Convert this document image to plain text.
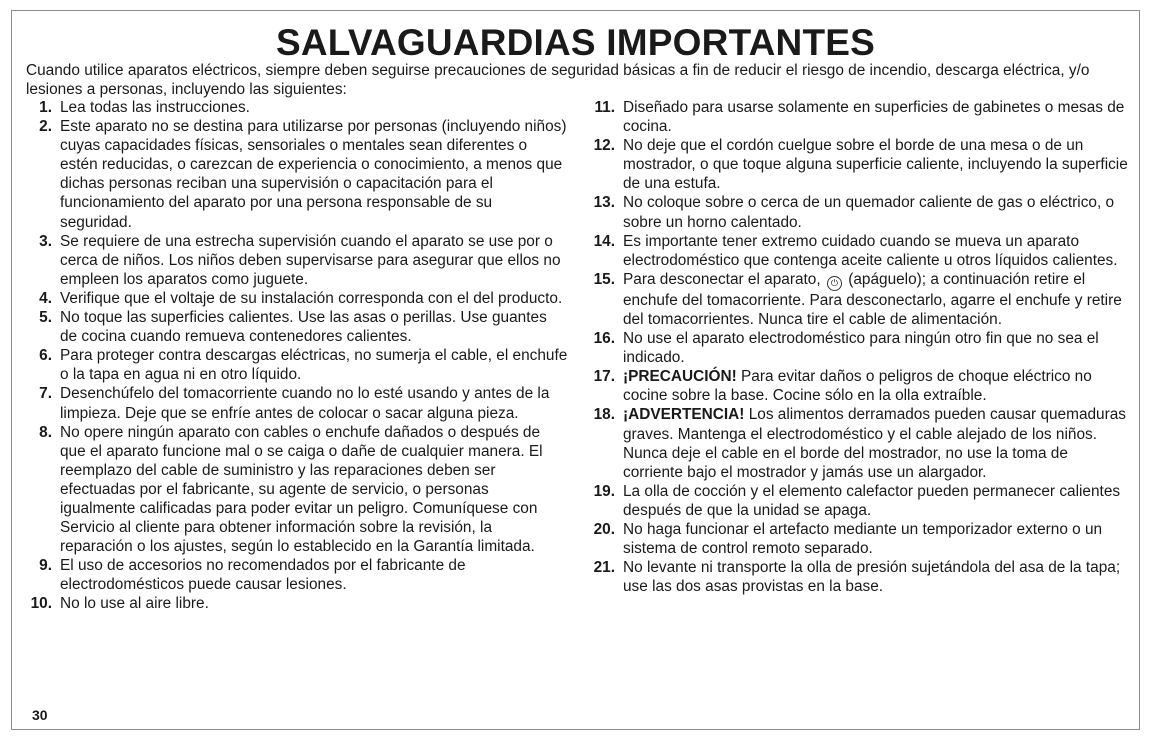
SALVAGUARDIAS IMPORTANTES

Cuando utilice aparatos eléctricos, siempre deben seguirse precauciones de seguridad básicas a fin de reducir el riesgo de incendio, descarga eléctrica, y/o lesiones a personas, incluyendo las siguientes:

1. Lea todas las instrucciones.
2. Este aparato no se destina para utilizarse por personas (incluyendo niños) cuyas capacidades físicas, sensoriales o mentales sean diferentes o estén reducidas, o carezcan de experiencia o conocimiento, a menos que dichas personas reciban una supervisión o capacitación para el funcionamiento del aparato por una persona responsable de su seguridad.
3. Se requiere de una estrecha supervisión cuando el aparato se use por o cerca de niños. Los niños deben supervisarse para asegurar que ellos no empleen los aparatos como juguete.
4. Verifique que el voltaje de su instalación corresponda con el del producto.
5. No toque las superficies calientes. Use las asas o perillas. Use guantes de cocina cuando remueva contenedores calientes.
6. Para proteger contra descargas eléctricas, no sumerja el cable, el enchufe o la tapa en agua ni en otro líquido.
7. Desenchúfelo del tomacorriente cuando no lo esté usando y antes de la limpieza. Deje que se enfríe antes de colocar o sacar alguna pieza.
8. No opere ningún aparato con cables o enchufe dañados o después de que el aparato funcione mal o se caiga o dañe de cualquier manera. El reemplazo del cable de suministro y las reparaciones deben ser efectuadas por el fabricante, su agente de servicio, o personas igualmente calificadas para poder evitar un peligro. Comuníquese con Servicio al cliente para obtener información sobre la revisión, la reparación o los ajustes, según lo establecido en la Garantía limitada.
9. El uso de accesorios no recomendados por el fabricante de electrodomésticos puede causar lesiones.
10. No lo use al aire libre.
11. Diseñado para usarse solamente en superficies de gabinetes o mesas de cocina.
12. No deje que el cordón cuelgue sobre el borde de una mesa o de un mostrador, o que toque alguna superficie caliente, incluyendo la superficie de una estufa.
13. No coloque sobre o cerca de un quemador caliente de gas o eléctrico, o sobre un horno calentado.
14. Es importante tener extremo cuidado cuando se mueva un aparato electrodoméstico que contenga aceite caliente u otros líquidos calientes.
15. Para desconectar el aparato, ⏻ (apáguelo); a continuación retire el enchufe del tomacorriente. Para desconectarlo, agarre el enchufe y retire del tomacorrientes. Nunca tire el cable de alimentación.
16. No use el aparato electrodoméstico para ningún otro fin que no sea el indicado.
17. ¡PRECAUCIÓN! Para evitar daños o peligros de choque eléctrico no cocine sobre la base. Cocine sólo en la olla extraíble.
18. ¡ADVERTENCIA! Los alimentos derramados pueden causar quemaduras graves. Mantenga el electrodoméstico y el cable alejado de los niños. Nunca deje el cable en el borde del mostrador, no use la toma de corriente bajo el mostrador y jamás use un alargador.
19. La olla de cocción y el elemento calefactor pueden permanecer calientes después de que la unidad se apaga.
20. No haga funcionar el artefacto mediante un temporizador externo o un sistema de control remoto separado.
21. No levante ni transporte la olla de presión sujetándola del asa de la tapa; use las dos asas provistas en la base.
30
